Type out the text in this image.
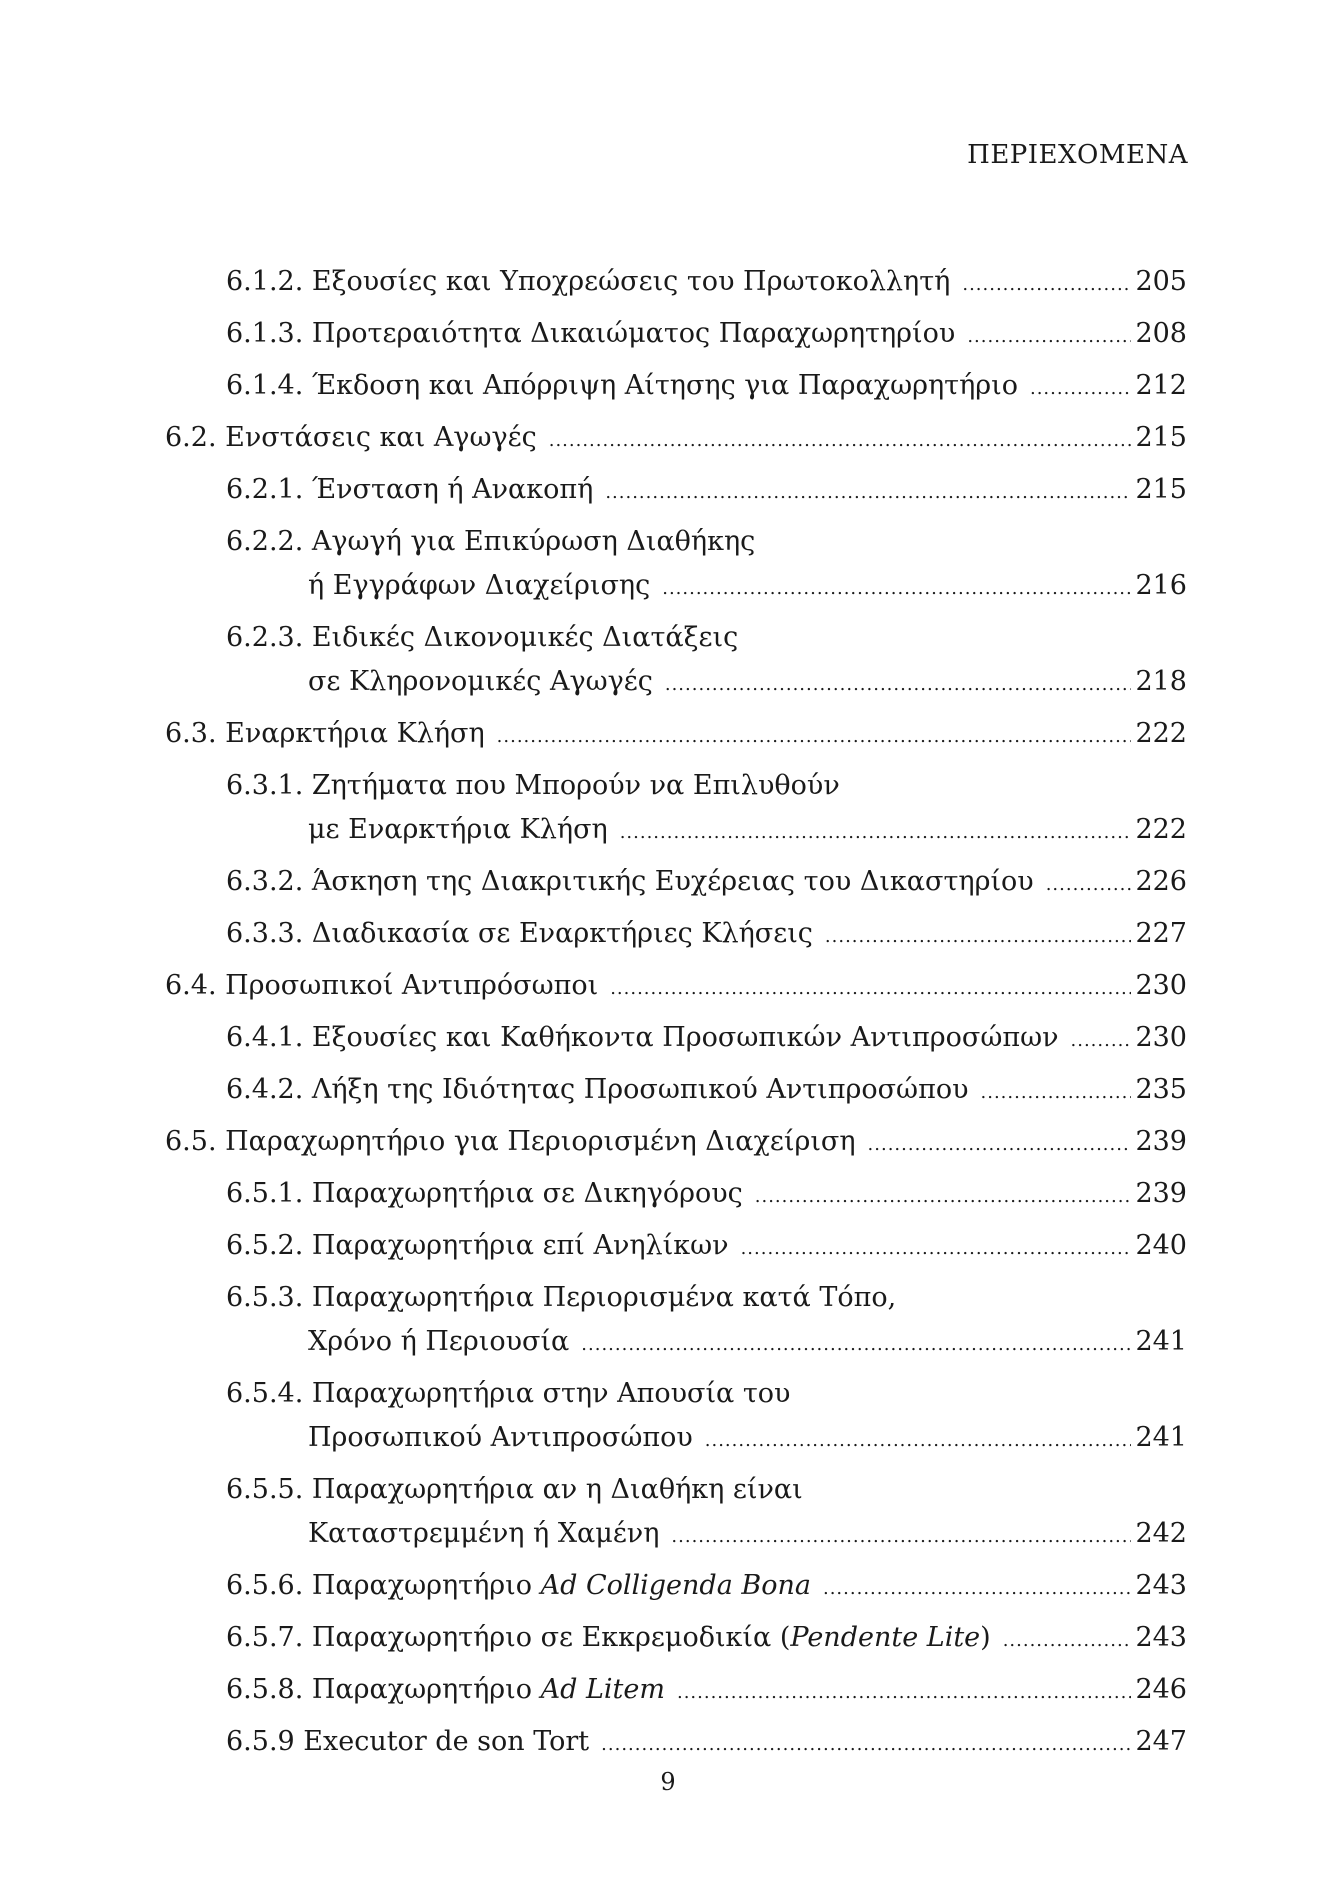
ΠΕΡΙΕΧΟΜΕΝΑ
6.1.2. Εξουσίες και Υποχρεώσεις του Πρωτοκολλητή .....	205
6.1.3. Προτεραιότητα Δικαιώματος Παραχωρητηρίου .....	208
6.1.4. Έκδοση και Απόρριψη Αίτησης για Παραχωρητήριο .....	212
6.2. Ενστάσεις και Αγωγές .....	215
6.2.1. Ένσταση ή Ανακοπή .....	215
6.2.2. Αγωγή για Επικύρωση Διαθήκης
ή Εγγράφων Διαχείρισης .....	216
6.2.3. Ειδικές Δικονομικές Διατάξεις
σε Κληρονομικές Αγωγές .....	218
6.3. Εναρκτήρια Κλήση .....	222
6.3.1. Ζητήματα που Μπορούν να Επιλυθούν
με Εναρκτήρια Κλήση .....	222
6.3.2. Άσκηση της Διακριτικής Ευχέρειας του Δικαστηρίου .....	226
6.3.3. Διαδικασία σε Εναρκτήριες Κλήσεις .....	227
6.4. Προσωπικοί Αντιπρόσωποι .....	230
6.4.1. Εξουσίες και Καθήκοντα Προσωπικών Αντιπροσώπων .....	230
6.4.2. Λήξη της Ιδιότητας Προσωπικού Αντιπροσώπου .....	235
6.5. Παραχωρητήριο για Περιορισμένη Διαχείριση .....	239
6.5.1. Παραχωρητήρια σε Δικηγόρους .....	239
6.5.2. Παραχωρητήρια επί Ανηλίκων .....	240
6.5.3. Παραχωρητήρια Περιορισμένα κατά Τόπο,
Χρόνο ή Περιουσία .....	241
6.5.4. Παραχωρητήρια στην Απουσία του
Προσωπικού Αντιπροσώπου .....	241
6.5.5. Παραχωρητήρια αν η Διαθήκη είναι
Καταστρεμμένη ή Χαμένη .....	242
6.5.6. Παραχωρητήριο Ad Colligenda Bona .....	243
6.5.7. Παραχωρητήριο σε Εκκρεμοδικία (Pendente Lite) .....	243
6.5.8. Παραχωρητήριο Ad Litem .....	246
6.5.9 Executor de son Tort .....	247
9
